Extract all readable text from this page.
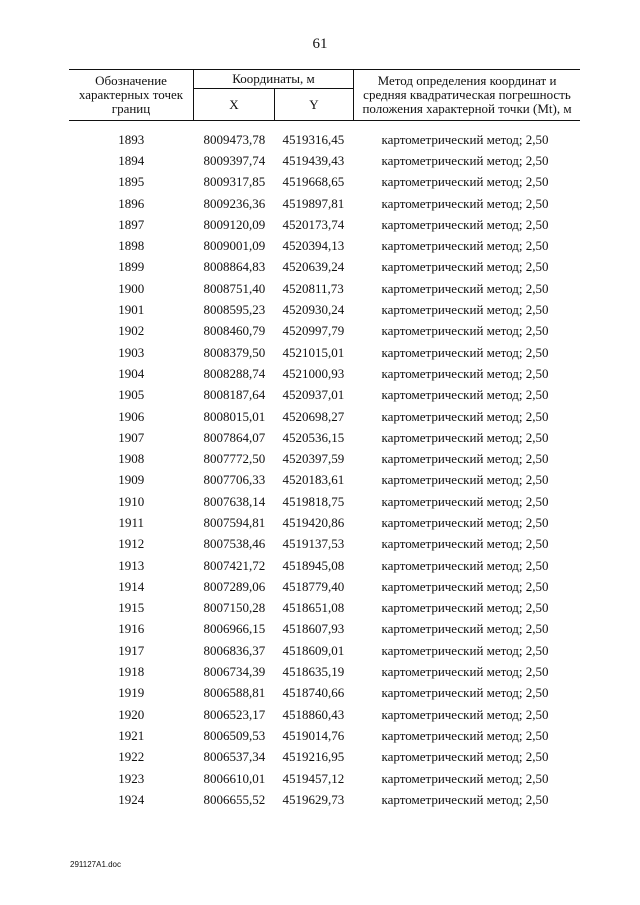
61
Обозначение характерных точек границ	Координаты, м		Метод определения координат и средняя квадратическая погрешность положения характерной точки (Mt), м
	X	Y	

1893	8009473,78	4519316,45	картометрический метод; 2,50
1894	8009397,74	4519439,43	картометрический метод; 2,50
1895	8009317,85	4519668,65	картометрический метод; 2,50
1896	8009236,36	4519897,81	картометрический метод; 2,50
1897	8009120,09	4520173,74	картометрический метод; 2,50
1898	8009001,09	4520394,13	картометрический метод; 2,50
1899	8008864,83	4520639,24	картометрический метод; 2,50
1900	8008751,40	4520811,73	картометрический метод; 2,50
1901	8008595,23	4520930,24	картометрический метод; 2,50
1902	8008460,79	4520997,79	картометрический метод; 2,50
1903	8008379,50	4521015,01	картометрический метод; 2,50
1904	8008288,74	4521000,93	картометрический метод; 2,50
1905	8008187,64	4520937,01	картометрический метод; 2,50
1906	8008015,01	4520698,27	картометрический метод; 2,50
1907	8007864,07	4520536,15	картометрический метод; 2,50
1908	8007772,50	4520397,59	картометрический метод; 2,50
1909	8007706,33	4520183,61	картометрический метод; 2,50
1910	8007638,14	4519818,75	картометрический метод; 2,50
1911	8007594,81	4519420,86	картометрический метод; 2,50
1912	8007538,46	4519137,53	картометрический метод; 2,50
1913	8007421,72	4518945,08	картометрический метод; 2,50
1914	8007289,06	4518779,40	картометрический метод; 2,50
1915	8007150,28	4518651,08	картометрический метод; 2,50
1916	8006966,15	4518607,93	картометрический метод; 2,50
1917	8006836,37	4518609,01	картометрический метод; 2,50
1918	8006734,39	4518635,19	картометрический метод; 2,50
1919	8006588,81	4518740,66	картометрический метод; 2,50
1920	8006523,17	4518860,43	картометрический метод; 2,50
1921	8006509,53	4519014,76	картометрический метод; 2,50
1922	8006537,34	4519216,95	картометрический метод; 2,50
1923	8006610,01	4519457,12	картометрический метод; 2,50
1924	8006655,52	4519629,73	картометрический метод; 2,50
291127A1.doc
